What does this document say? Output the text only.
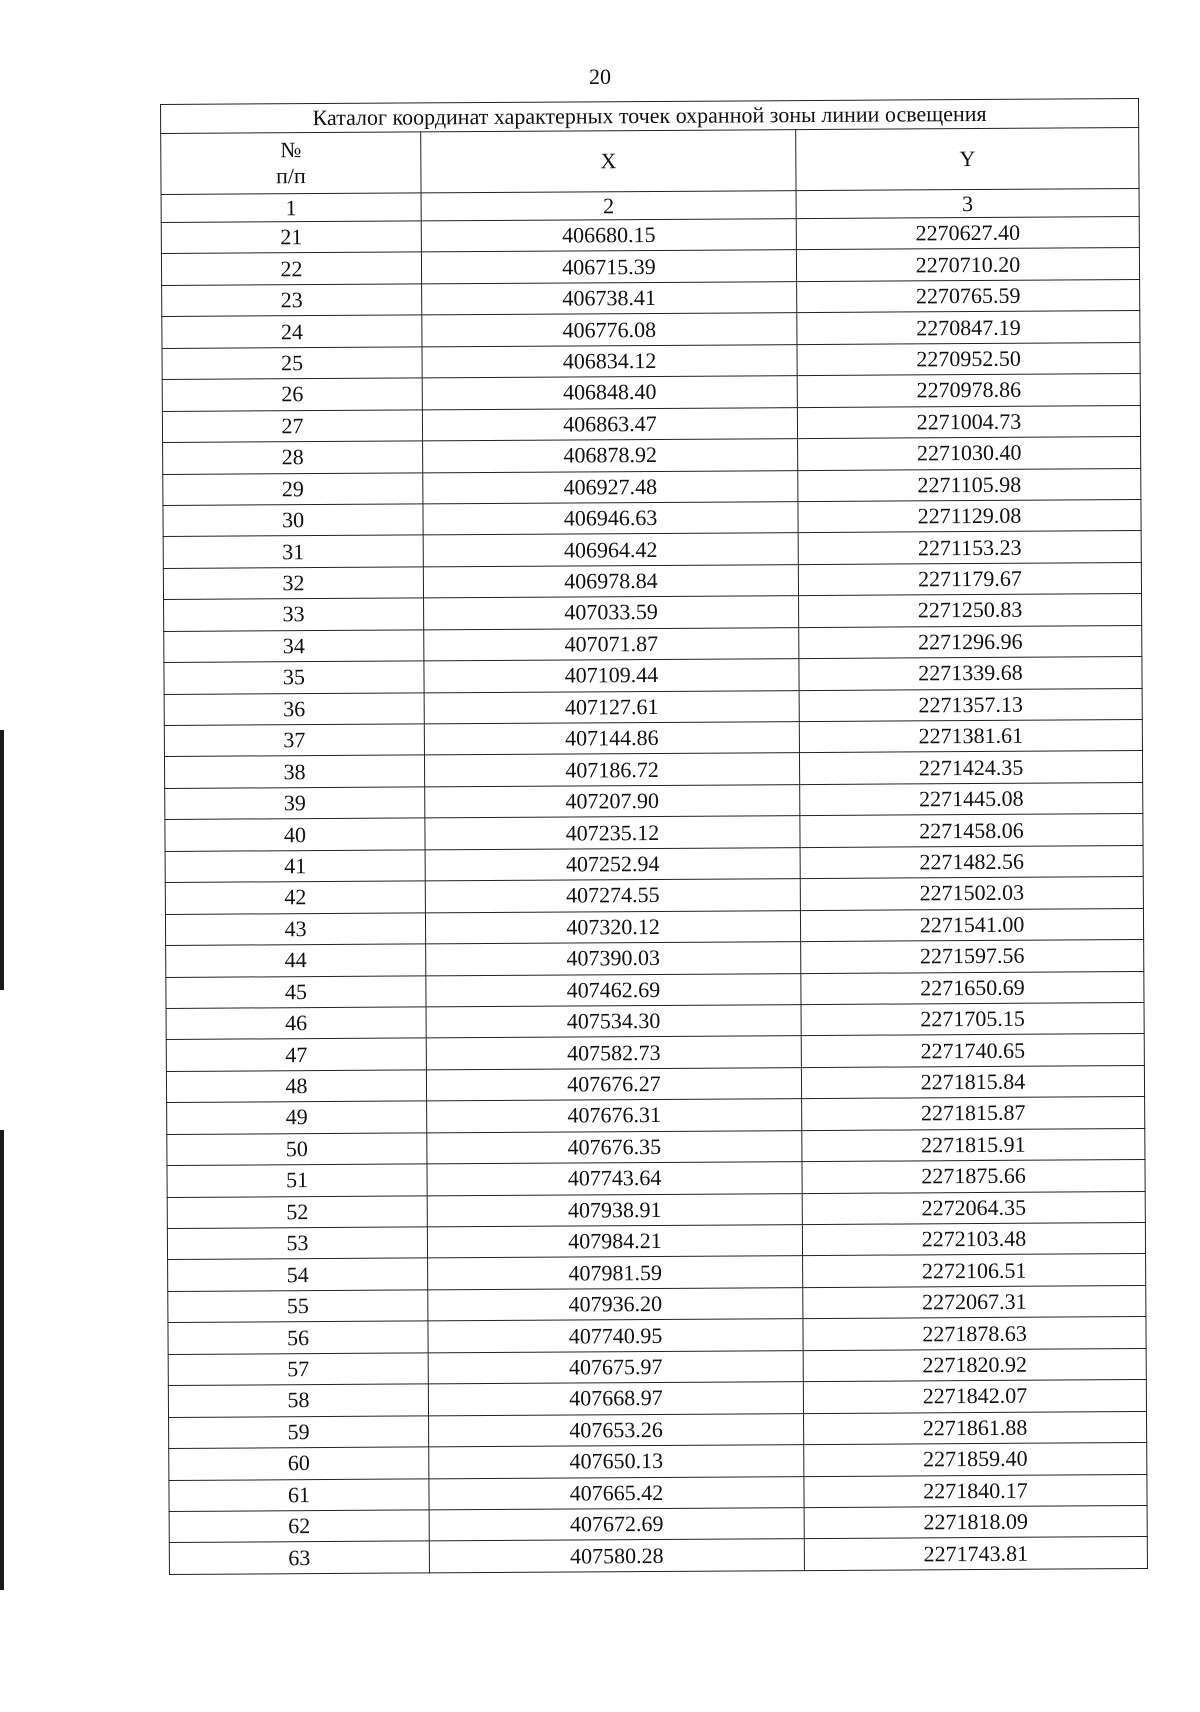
20
Каталог координат характерных точек охранной зоны линии освещения		

№
п/п	X	Y
1	2	3
21	406680.15	2270627.40
22	406715.39	2270710.20
23	406738.41	2270765.59
24	406776.08	2270847.19
25	406834.12	2270952.50
26	406848.40	2270978.86
27	406863.47	2271004.73
28	406878.92	2271030.40
29	406927.48	2271105.98
30	406946.63	2271129.08
31	406964.42	2271153.23
32	406978.84	2271179.67
33	407033.59	2271250.83
34	407071.87	2271296.96
35	407109.44	2271339.68
36	407127.61	2271357.13
37	407144.86	2271381.61
38	407186.72	2271424.35
39	407207.90	2271445.08
40	407235.12	2271458.06
41	407252.94	2271482.56
42	407274.55	2271502.03
43	407320.12	2271541.00
44	407390.03	2271597.56
45	407462.69	2271650.69
46	407534.30	2271705.15
47	407582.73	2271740.65
48	407676.27	2271815.84
49	407676.31	2271815.87
50	407676.35	2271815.91
51	407743.64	2271875.66
52	407938.91	2272064.35
53	407984.21	2272103.48
54	407981.59	2272106.51
55	407936.20	2272067.31
56	407740.95	2271878.63
57	407675.97	2271820.92
58	407668.97	2271842.07
59	407653.26	2271861.88
60	407650.13	2271859.40
61	407665.42	2271840.17
62	407672.69	2271818.09
63	407580.28	2271743.81
